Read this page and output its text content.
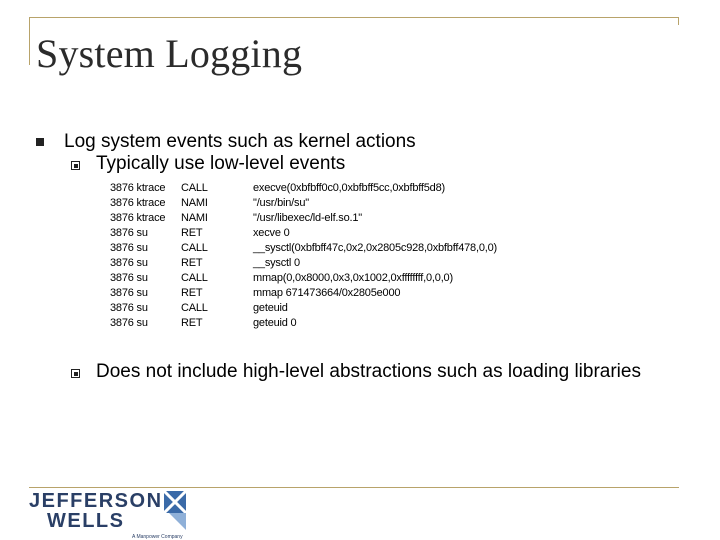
System Logging
Log system events such as kernel actions
Typically use low-level events
3876 ktrace	CALL	execve(0xbfbff0c0,0xbfbff5cc,0xbfbff5d8)
3876 ktrace	NAMI	"/usr/bin/su"
3876 ktrace	NAMI	"/usr/libexec/ld-elf.so.1"
3876 su	RET	xecve 0
3876 su	CALL	__sysctl(0xbfbff47c,0x2,0x2805c928,0xbfbff478,0,0)
3876 su	RET	__sysctl 0
3876 su	CALL	mmap(0,0x8000,0x3,0x1002,0xffffffff,0,0,0)
3876 su	RET	mmap 671473664/0x2805e000
3876 su	CALL	geteuid
3876 su	RET	geteuid 0
Does not include high-level abstractions such as loading libraries
JEFFERSON
WELLS
A Manpower Company
